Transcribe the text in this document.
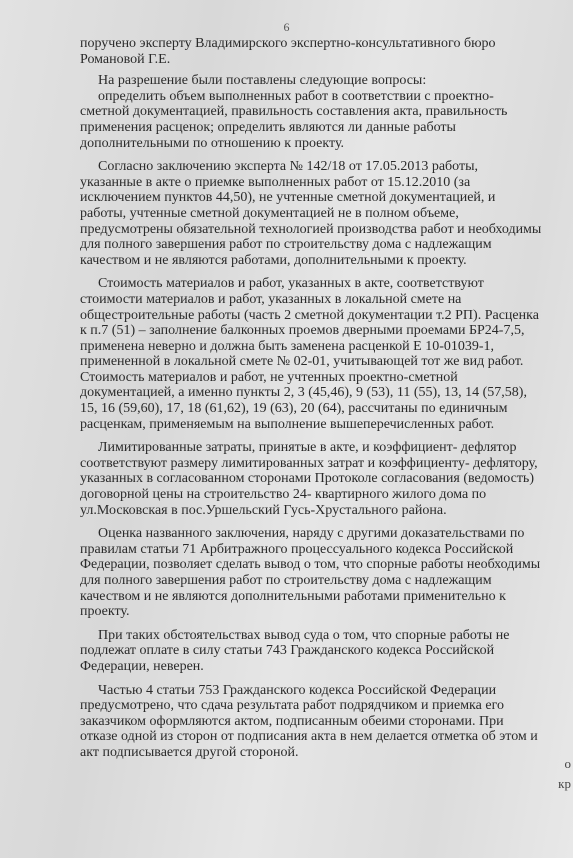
6
поручено эксперту Владимирского экспертно-консультативного бюро
Романовой Г.Е.
На разрешение были поставлены следующие вопросы:
определить объем выполненных работ в соответствии с проектно-
сметной документацией, правильность составления акта, правильность
применения расценок; определить являются ли данные работы
дополнительными по отношению к проекту.
Согласно заключению эксперта № 142/18 от 17.05.2013 работы,
указанные в акте о приемке выполненных работ от 15.12.2010 (за
исключением пунктов 44,50), не учтенные сметной документацией, и
работы, учтенные сметной документацией не в полном объеме,
предусмотрены обязательной технологией производства работ и необходимы
для полного завершения работ по строительству дома с надлежащим
качеством и не являются работами, дополнительными к проекту.
Стоимость материалов и работ, указанных в акте, соответствуют
стоимости материалов и работ, указанных в локальной смете на
общестроительные работы (часть 2 сметной документации т.2 РП). Расценка
к п.7 (51) – заполнение балконных проемов дверными проемами БР24-7,5,
применена неверно и должна быть заменена расценкой Е 10-01039-1,
примененной в локальной смете № 02-01, учитывающей тот же вид работ.
Стоимость материалов и работ, не учтенных проектно-сметной
документацией, а именно пункты 2, 3 (45,46), 9 (53), 11 (55), 13, 14 (57,58),
15, 16 (59,60), 17, 18 (61,62), 19 (63), 20 (64), рассчитаны по единичным
расценкам, применяемым на выполнение вышеперечисленных работ.
Лимитированные затраты, принятые в акте, и коэффициент- дефлятор
соответствуют размеру лимитированных затрат и коэффициенту- дефлятору,
указанных в согласованном сторонами Протоколе согласования (ведомость)
договорной цены на строительство 24- квартирного жилого дома по
ул.Московская в пос.Уршельский Гусь-Хрустального района.
Оценка названного заключения, наряду с другими доказательствами по
правилам статьи 71 Арбитражного процессуального кодекса Российской
Федерации, позволяет сделать вывод о том, что спорные работы необходимы
для полного завершения работ по строительству дома с надлежащим
качеством и не являются дополнительными работами применительно к
проекту.
При таких обстоятельствах вывод суда о том, что спорные работы не
подлежат оплате в силу статьи 743 Гражданского кодекса Российской
Федерации, неверен.
Частью 4 статьи 753 Гражданского кодекса Российской Федерации
предусмотрено, что сдача результата работ подрядчиком и приемка его
заказчиком оформляются актом, подписанным обеими сторонами. При
отказе одной из сторон от подписания акта в нем делается отметка об этом и
акт подписывается другой стороной.
о
кр
